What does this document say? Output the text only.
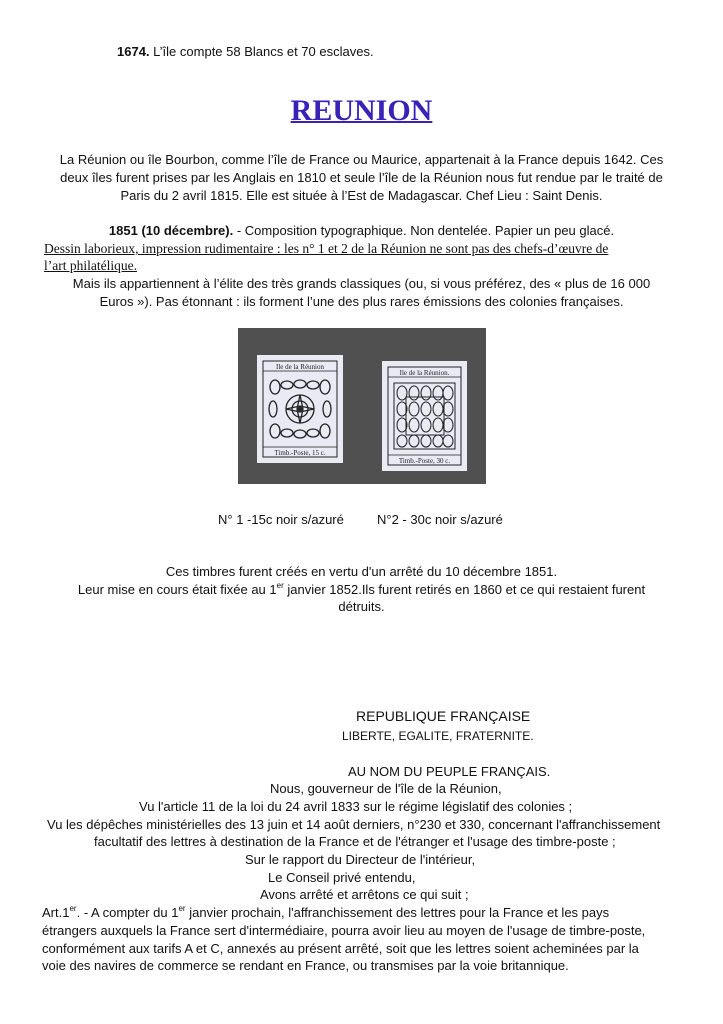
1674. L’île compte 58 Blancs et 70 esclaves.
REUNION
La Réunion ou île Bourbon, comme l’île de France ou Maurice, appartenait à la France depuis 1642. Ces
deux îles furent prises par les Anglais en 1810 et seule l’île de la Réunion nous fut rendue par le traité de
Paris du 2 avril 1815. Elle est située à l’Est de Madagascar. Chef Lieu : Saint Denis.
1851 (10 décembre). - Composition typographique. Non dentelée. Papier un peu glacé.
Dessin laborieux, impression rudimentaire : les n° 1 et 2 de la Réunion ne sont pas des chefs-d’œuvre de
l’art philatélique.
Mais ils appartiennent à l’élite des très grands classiques (ou, si vous préférez, des « plus de 16 000
Euros »). Pas étonnant : ils forment l’une des plus rares émissions des colonies françaises.
Ile de la Réunion
Timb.-Poste, 15 c.
Ile de la Réunion.
Timb.-Poste, 30 c.
N° 1 -15c noir s/azuré	N°2 - 30c noir s/azuré
Ces timbres furent créés en vertu d'un arrêté du 10 décembre 1851.
Leur mise en cours était fixée au 1er janvier 1852.Ils furent retirés en 1860 et ce qui restaient furent
détruits.
REPUBLIQUE FRANÇAISE
LIBERTE, EGALITE, FRATERNITE.
AU NOM DU PEUPLE FRANÇAIS.
Nous, gouverneur de l'île de la Réunion,
Vu l'article 11 de la loi du 24 avril 1833 sur le régime législatif des colonies ;
Vu les dépêches ministérielles des 13 juin et 14 août derniers, n°230 et 330, concernant l'affranchissement
facultatif des lettres à destination de la France et de l'étranger et l'usage des timbre-poste ;
Sur le rapport du Directeur de l'intérieur,
Le Conseil privé entendu,
Avons arrêté et arrêtons ce qui suit ;
Art.1er. - A compter du 1er janvier prochain, l'affranchissement des lettres pour la France et les pays
étrangers auxquels la France sert d'intermédiaire, pourra avoir lieu au moyen de l'usage de timbre-poste,
conformément aux tarifs A et C, annexés au présent arrêté, soit que les lettres soient acheminées par la
voie des navires de commerce se rendant en France, ou transmises par la voie britannique.
